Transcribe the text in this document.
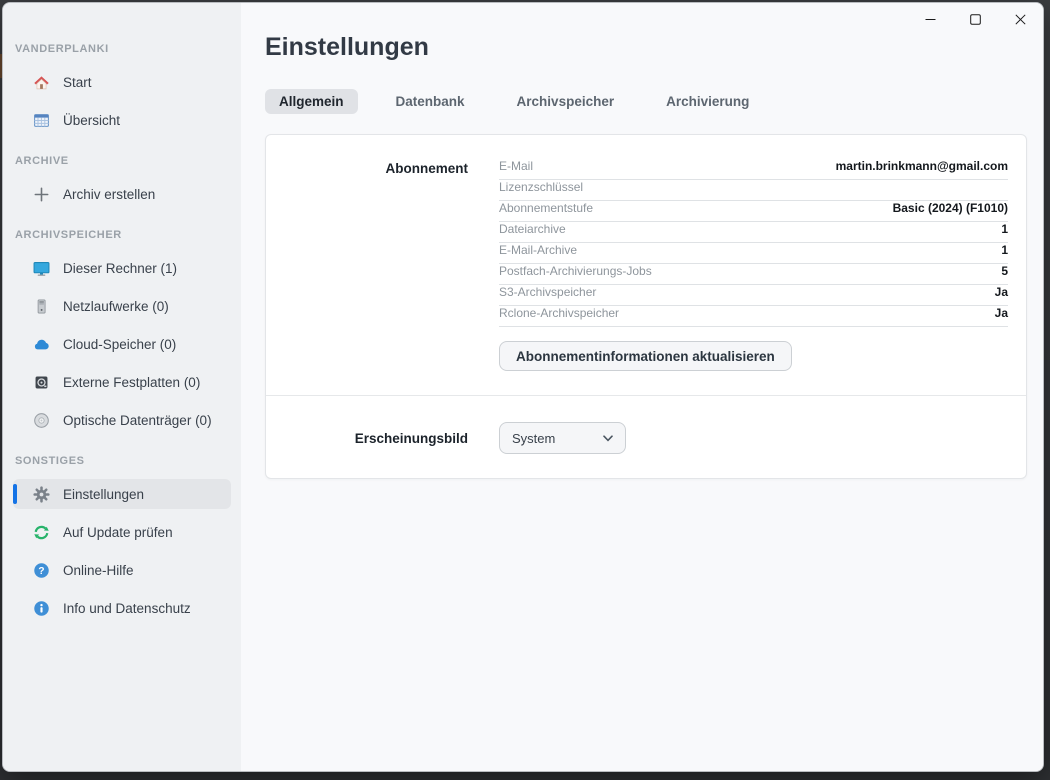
VANDERPLANKI
Start
Übersicht
ARCHIVE
Archiv erstellen
ARCHIVSPEICHER
Dieser Rechner (1)
Netzlaufwerke (0)
Cloud-Speicher (0)
Externe Festplatten (0)
Optische Datenträger (0)
SONSTIGES
Einstellungen
Auf Update prüfen
? Online-Hilfe
Info und Datenschutz
Einstellungen
Allgemein	Datenbank	Archivspeicher	Archivierung
Abonnement	E-Mail	martin.brinkmann@gmail.com
Lizenzschlüssel
Abonnementstufe	Basic (2024) (F1010)
Dateiarchive	1
E-Mail-Archive	1
Postfach-Archivierungs-Jobs	5
S3-Archivspeicher	Ja
Rclone-Archivspeicher	Ja
Abonnementinformationen aktualisieren
Erscheinungsbild	System
